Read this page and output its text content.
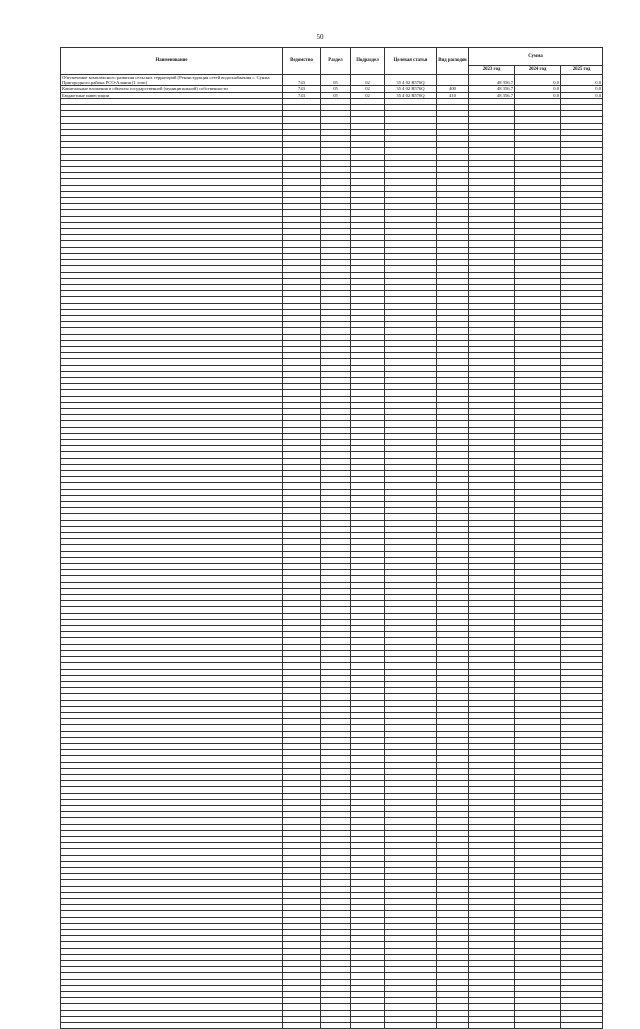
50
Наименование	Ведомство	Раздел	Подраздел	Целевая статья	Вид расходов	Сумма		
						2023 год	2024 год	2025 год
Обеспечение комплексного развития сельских территорий (Реконструкция сетей водоснабжения с. Сунжа Пригородного района РСО-Алания (1 этап)	743	05	02	35 4 02 R576Q		48 356,7	0,0	0,0
Капитальные вложения в объекты государственной (муниципальной) собственности	743	05	02	35 4 02 R576Q	400	48 356,7	0,0	0,0
Бюджетные инвестиции	743	05	02	35 4 02 R576Q	410	48 356,7	0,0	0,0
